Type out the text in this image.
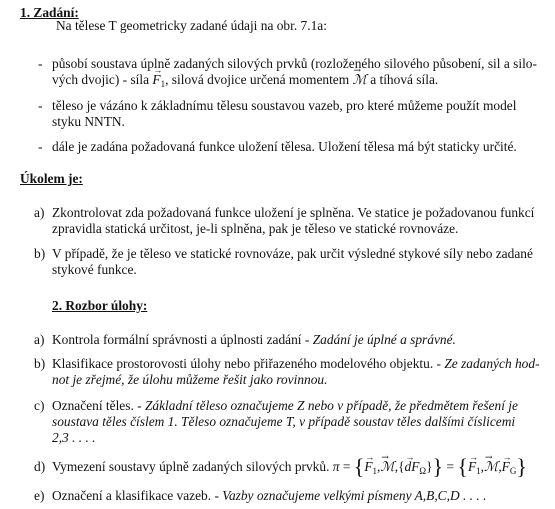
1. Zadání:
Na tělese T geometricky zadané údaji na obr. 7.1a:
- působí soustava úplně zadaných silových prvků (rozloženého silového působení, sil a silo-
vých dvojic) - síla → $F_1$, silová dvojice určená momentem → ℳ a tíhová síla.
- těleso je vázáno k základnímu tělesu soustavou vazeb, pro které můžeme použít model
styku NNTN.
- dále je zadána požadovaná funkce uložení tělesa. Uložení tělesa má být staticky určité.
Úkolem je:
a) Zkontrolovat zda požadovaná funkce uložení je splněna. Ve statice je požadovanou funkcí
zpravidla statická určitost, je-li splněna, pak je těleso ve statické rovnováze.
b) V případě, že je těleso ve statické rovnováze, pak určit výsledné stykové síly nebo zadané
stykové funkce.
2. Rozbor úlohy:
a) Kontrola formální správnosti a úplnosti zadání - Zadání je úplné a správné.
b) Klasifikace prostorovosti úlohy nebo přiřazeného modelového objektu. - Ze zadaných hod-
not je zřejmé, že úlohu můžeme řešit jako rovinnou.
c) Označení těles. - Základní těleso označujeme Z nebo v případě, že předmětem řešení je
soustava těles číslem 1. Těleso označujeme T, v případě soustav těles dalšími číslicemi
2,3 . . . .
d) Vymezení soustavy úplně zadaných silových prvků. π = {→ $F_1,\to$ ℳ,{→ $dF_\Omega$}} = {→ $F_1,\to$ ℳ,→ $F_G$}
e) Označení a klasifikace vazeb. - Vazby označujeme velkými písmeny A,B,C,D . . . .
